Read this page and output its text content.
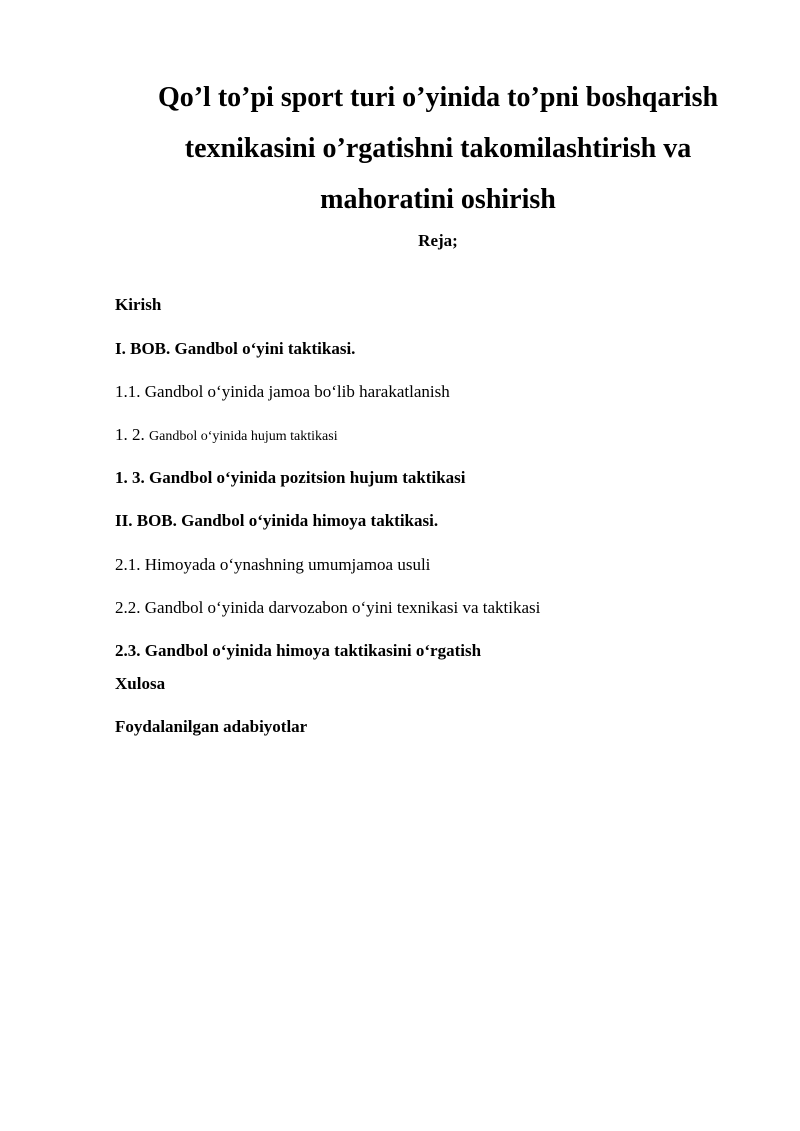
Qo’l to’pi sport turi o’yinida to’pni boshqarish
texnikasini o’rgatishni takomilashtirish va
mahoratini oshirish
Reja;
Kirish
I. BOB. Gandbol oʻyini taktikasi.
1.1. Gandbol oʻyinida jamoa boʻlib harakatlanish
1. 2. Gandbol oʻyinida hujum taktikasi
1. 3. Gandbol oʻyinida pozitsion hujum taktikasi
II. BOB. Gandbol oʻyinida himoya taktikasi.
2.1. Himoyada oʻynashning umumjamoa usuli
2.2. Gandbol oʻyinida darvozabon oʻyini texnikasi va taktikasi
2.3. Gandbol oʻyinida himoya taktikasini oʻrgatish
Xulosa
Foydalanilgan adabiyotlar
